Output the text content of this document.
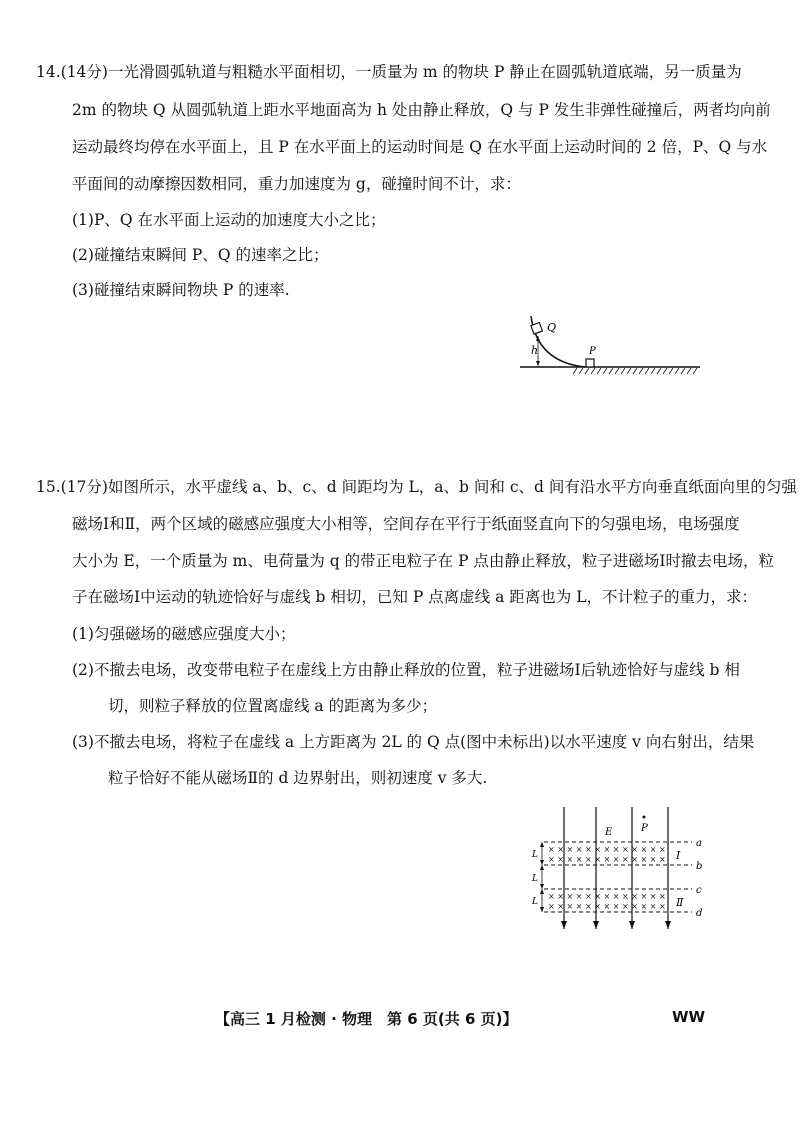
14.(14分)一光滑圆弧轨道与粗糙水平面相切，一质量为 m 的物块 P 静止在圆弧轨道底端，另一质量为
2m 的物块 Q 从圆弧轨道上距水平地面高为 h 处由静止释放，Q 与 P 发生非弹性碰撞后，两者均向前
运动最终均停在水平面上，且 P 在水平面上的运动时间是 Q 在水平面上运动时间的 2 倍，P、Q 与水
平面间的动摩擦因数相同，重力加速度为 g，碰撞时间不计，求：
(1)P、Q 在水平面上运动的加速度大小之比；
(2)碰撞结束瞬间 P、Q 的速率之比；
(3)碰撞结束瞬间物块 P 的速率.
Q
h	P
15.(17分)如图所示，水平虚线 a、b、c、d 间距均为 L，a、b 间和 c、d 间有沿水平方向垂直纸面向里的匀强
磁场Ⅰ和Ⅱ，两个区域的磁感应强度大小相等，空间存在平行于纸面竖直向下的匀强电场，电场强度
大小为 E，一个质量为 m、电荷量为 q 的带正电粒子在 P 点由静止释放，粒子进磁场Ⅰ时撤去电场，粒
子在磁场Ⅰ中运动的轨迹恰好与虚线 b 相切，已知 P 点离虚线 a 距离也为 L，不计粒子的重力，求：
(1)匀强磁场的磁感应强度大小；
(2)不撤去电场，改变带电粒子在虚线上方由静止释放的位置，粒子进磁场Ⅰ后轨迹恰好与虚线 b 相
切，则粒子释放的位置离虚线 a 的距离为多少；
(3)不撤去电场，将粒子在虚线 a 上方距离为 2L 的 Q 点(图中未标出)以水平速度 v 向右射出，结果
粒子恰好不能从磁场Ⅱ的 d 边界射出，则初速度 v 多大.
E	P
a
b
c
d
Ⅰ
Ⅱ
× × × × × × × × × × × × ×
× × × × × × × × × × × × ×
× × × × × × × × × × × × ×
× × × × × × × × × × × × ×
L
L
L
【高三 1 月检测 · 物理　第 6 页(共 6 页)】	WW
